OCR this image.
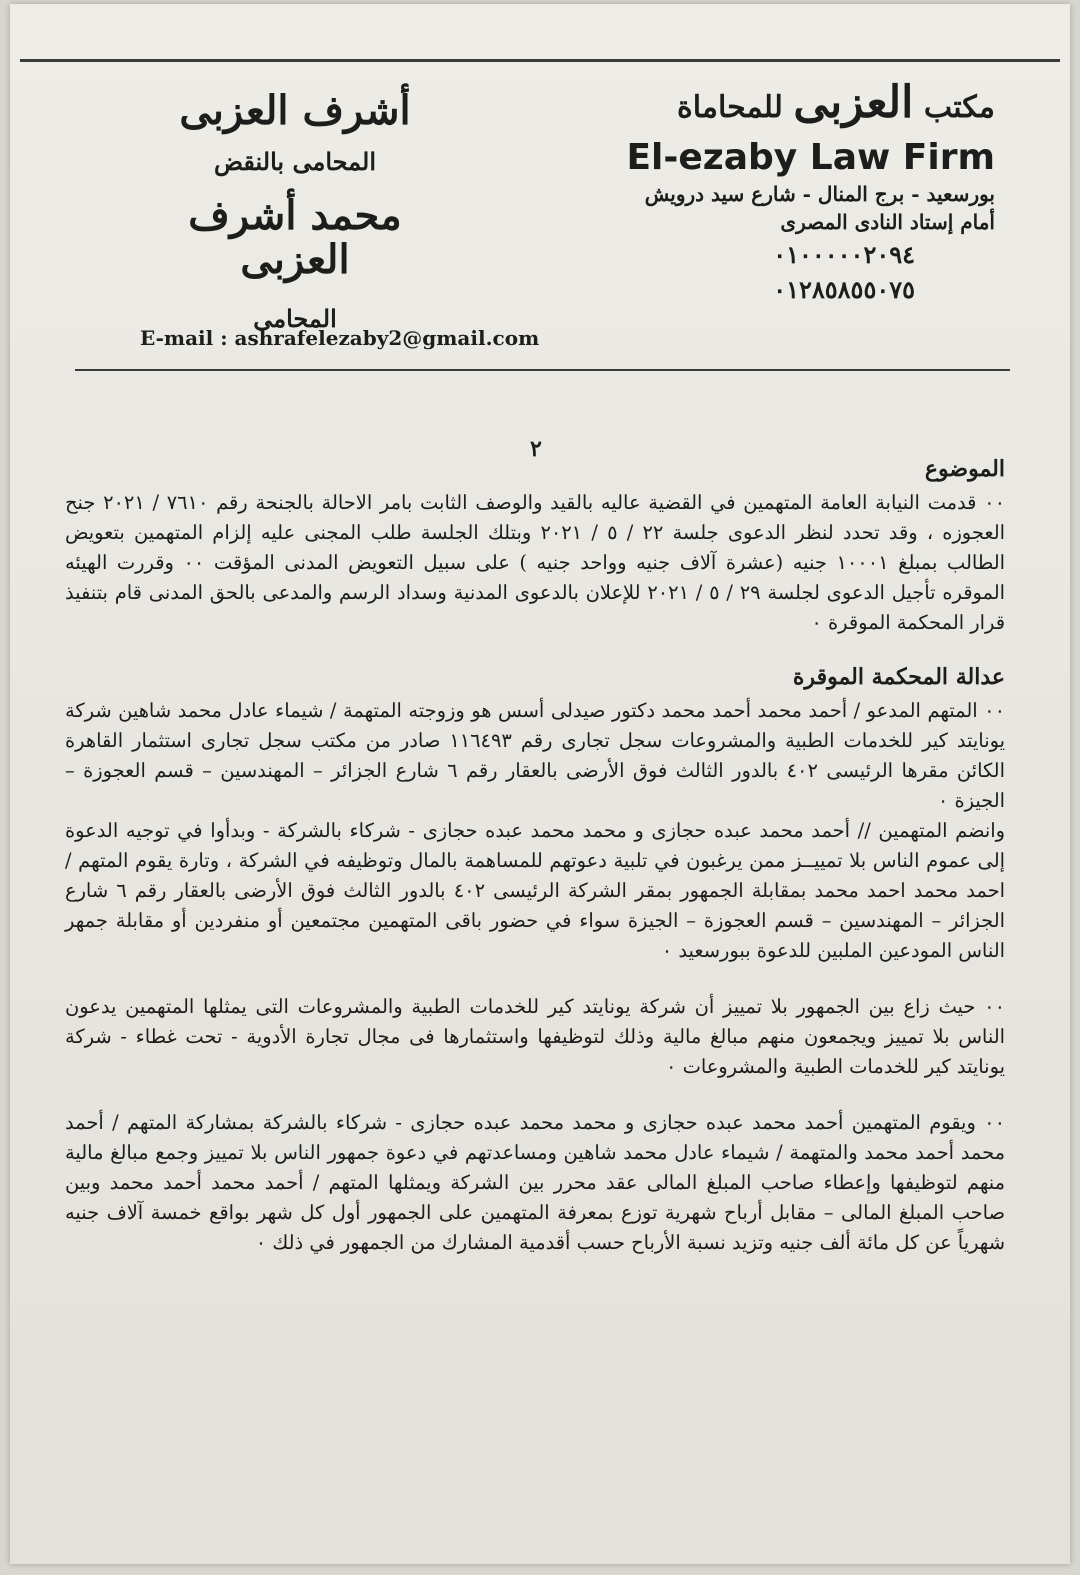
مكتب العزبى للمحاماة
El-ezaby Law Firm
بورسعيد - برج المنال - شارع سيد درويش
أمام إستاد النادى المصرى
٠١٠٠٠٠٠٢٠٩٤
٠١٢٨٥٨٥٥٠٧٥
أشرف العزبى
المحامى بالنقض
محمد أشرف العزبى
المحامى
E-mail : ashrafelezaby2@gmail.com
٢
الموضوع

٠٠ قدمت النيابة العامة المتهمين في القضية عاليه بالقيد والوصف الثابت بامر الاحالة بالجنحة رقم ٧٦١٠ / ٢٠٢١ جنح العجوزه ، وقد تحدد لنظر الدعوى جلسة ٢٢ / ٥ / ٢٠٢١ وبتلك الجلسة طلب المجنى عليه إلزام المتهمين بتعويض الطالب بمبلغ ١٠٠٠١ جنيه (عشرة آلاف جنيه وواحد جنيه ) على سبيل التعويض المدنى المؤقت ٠٠ وقررت الهيئه الموقره تأجيل الدعوى لجلسة ٢٩ / ٥ / ٢٠٢١ للإعلان بالدعوى المدنية وسداد الرسم والمدعى بالحق المدنى قام بتنفيذ قرار المحكمة الموقرة ٠

عدالة المحكمة الموقرة

٠٠ المتهم المدعو / أحمد محمد أحمد محمد دكتور صيدلى أسس هو وزوجته المتهمة / شيماء عادل محمد شاهين شركة يونايتد كير للخدمات الطبية والمشروعات سجل تجارى رقم ١١٦٤٩٣ صادر من مكتب سجل تجارى استثمار القاهرة الكائن مقرها الرئيسى ٤٠٢ بالدور الثالث فوق الأرضى بالعقار رقم ٦ شارع الجزائر – المهندسين – قسم العجوزة – الجيزة ٠

وانضم المتهمين // أحمد محمد عبده حجازى و محمد محمد عبده حجازى - شركاء بالشركة - وبدأوا في توجيه الدعوة إلى عموم الناس بلا تمييــز ممن يرغبون في تلبية دعوتهم للمساهمة بالمال وتوظيفه في الشركة ، وتارة يقوم المتهم / احمد محمد احمد محمد بمقابلة الجمهور بمقر الشركة الرئيسى ٤٠٢ بالدور الثالث فوق الأرضى بالعقار رقم ٦ شارع الجزائر – المهندسين – قسم العجوزة – الجيزة سواء في حضور باقى المتهمين مجتمعين أو منفردين أو مقابلة جمهر الناس المودعين الملبين للدعوة ببورسعيد ٠

٠٠ حيث زاع بين الجمهور بلا تمييز أن شركة يونايتد كير للخدمات الطبية والمشروعات التى يمثلها المتهمين يدعون الناس بلا تمييز ويجمعون منهم مبالغ مالية وذلك لتوظيفها واستثمارها فى مجال تجارة الأدوية - تحت غطاء - شركة يونايتد كير للخدمات الطبية والمشروعات ٠

٠٠ ويقوم المتهمين أحمد محمد عبده حجازى و محمد محمد عبده حجازى - شركاء بالشركة بمشاركة المتهم / أحمد محمد أحمد محمد والمتهمة / شيماء عادل محمد شاهين ومساعدتهم في دعوة جمهور الناس بلا تمييز وجمع مبالغ مالية منهم لتوظيفها وإعطاء صاحب المبلغ المالى عقد محرر بين الشركة ويمثلها المتهم / أحمد محمد أحمد محمد وبين صاحب المبلغ المالى – مقابل أرباح شهرية توزع بمعرفة المتهمين على الجمهور أول كل شهر بواقع خمسة آلاف جنيه شهرياً عن كل مائة ألف جنيه وتزيد نسبة الأرباح حسب أقدمية المشارك من الجمهور في ذلك ٠
